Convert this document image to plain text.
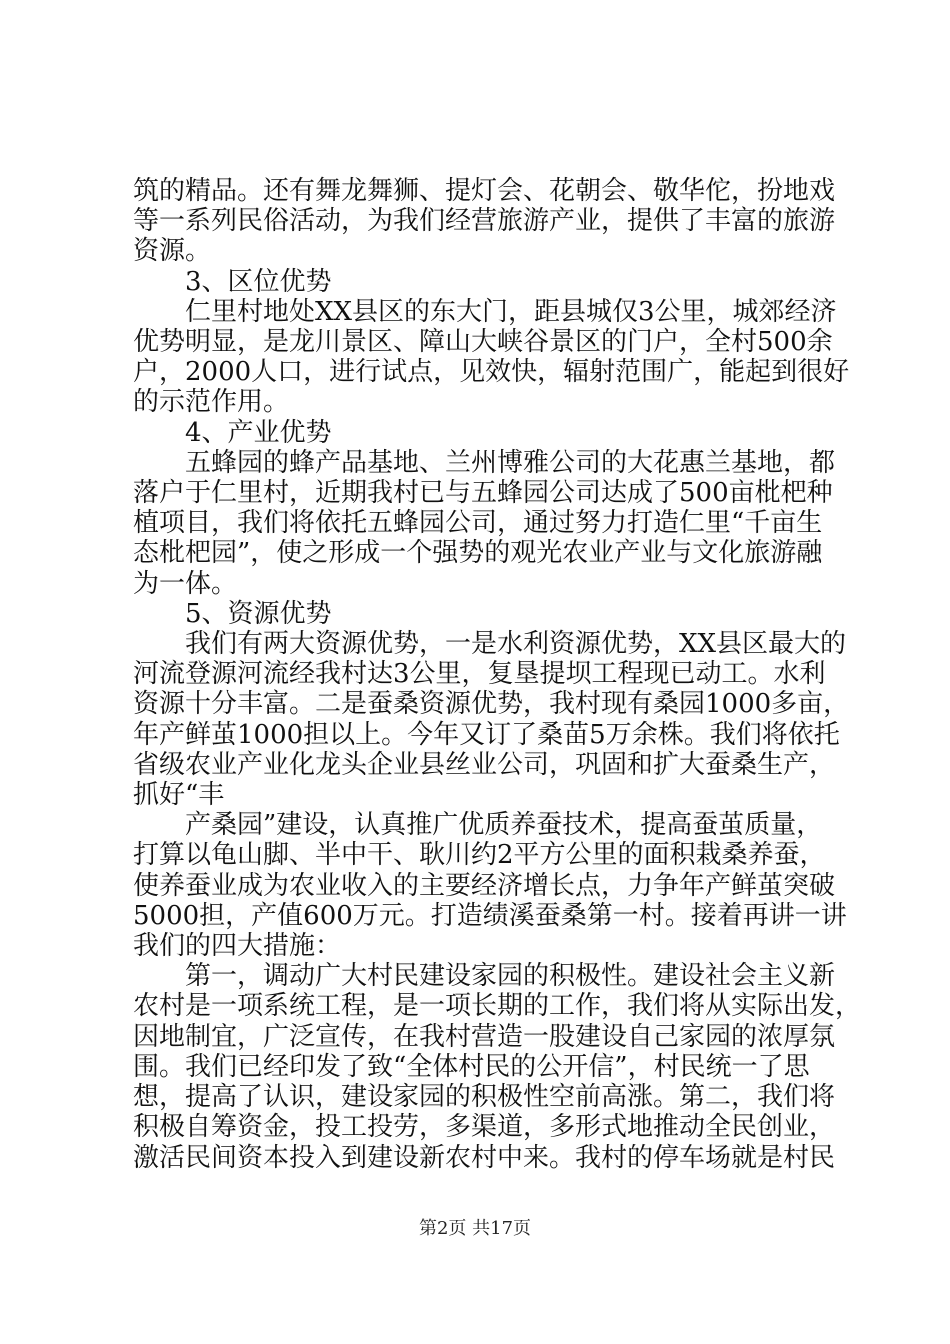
筑的精品。还有舞龙舞狮、提灯会、花朝会、敬华佗，扮地戏
等一系列民俗活动，为我们经营旅游产业，提供了丰富的旅游
资源。
　　3、区位优势
　　仁里村地处XX县区的东大门，距县城仅3公里，城郊经济
优势明显，是龙川景区、障山大峡谷景区的门户，全村500余
户，2000人口，进行试点，见效快，辐射范围广，能起到很好
的示范作用。
　　4、产业优势
　　五蜂园的蜂产品基地、兰州博雅公司的大花惠兰基地，都
落户于仁里村，近期我村已与五蜂园公司达成了500亩枇杷种
植项目，我们将依托五蜂园公司，通过努力打造仁里“千亩生
态枇杷园”，使之形成一个强势的观光农业产业与文化旅游融
为一体。
　　5、资源优势
　　我们有两大资源优势，一是水利资源优势，XX县区最大的
河流登源河流经我村达3公里，复垦提坝工程现已动工。水利
资源十分丰富。二是蚕桑资源优势，我村现有桑园1000多亩，
年产鲜茧1000担以上。今年又订了桑苗5万余株。我们将依托
省级农业产业化龙头企业县丝业公司，巩固和扩大蚕桑生产，
抓好“丰
　　产桑园”建设，认真推广优质养蚕技术，提高蚕茧质量，
打算以龟山脚、半中干、耿川约2平方公里的面积栽桑养蚕，
使养蚕业成为农业收入的主要经济增长点，力争年产鲜茧突破
5000担，产值600万元。打造绩溪蚕桑第一村。接着再讲一讲
我们的四大措施：
　　第一，调动广大村民建设家园的积极性。建设社会主义新
农村是一项系统工程，是一项长期的工作，我们将从实际出发，
因地制宜，广泛宣传，在我村营造一股建设自己家园的浓厚氛
围。我们已经印发了致“全体村民的公开信”，村民统一了思
想，提高了认识，建设家园的积极性空前高涨。第二，我们将
积极自筹资金，投工投劳，多渠道，多形式地推动全民创业，
激活民间资本投入到建设新农村中来。我村的停车场就是村民
第2页 共17页
